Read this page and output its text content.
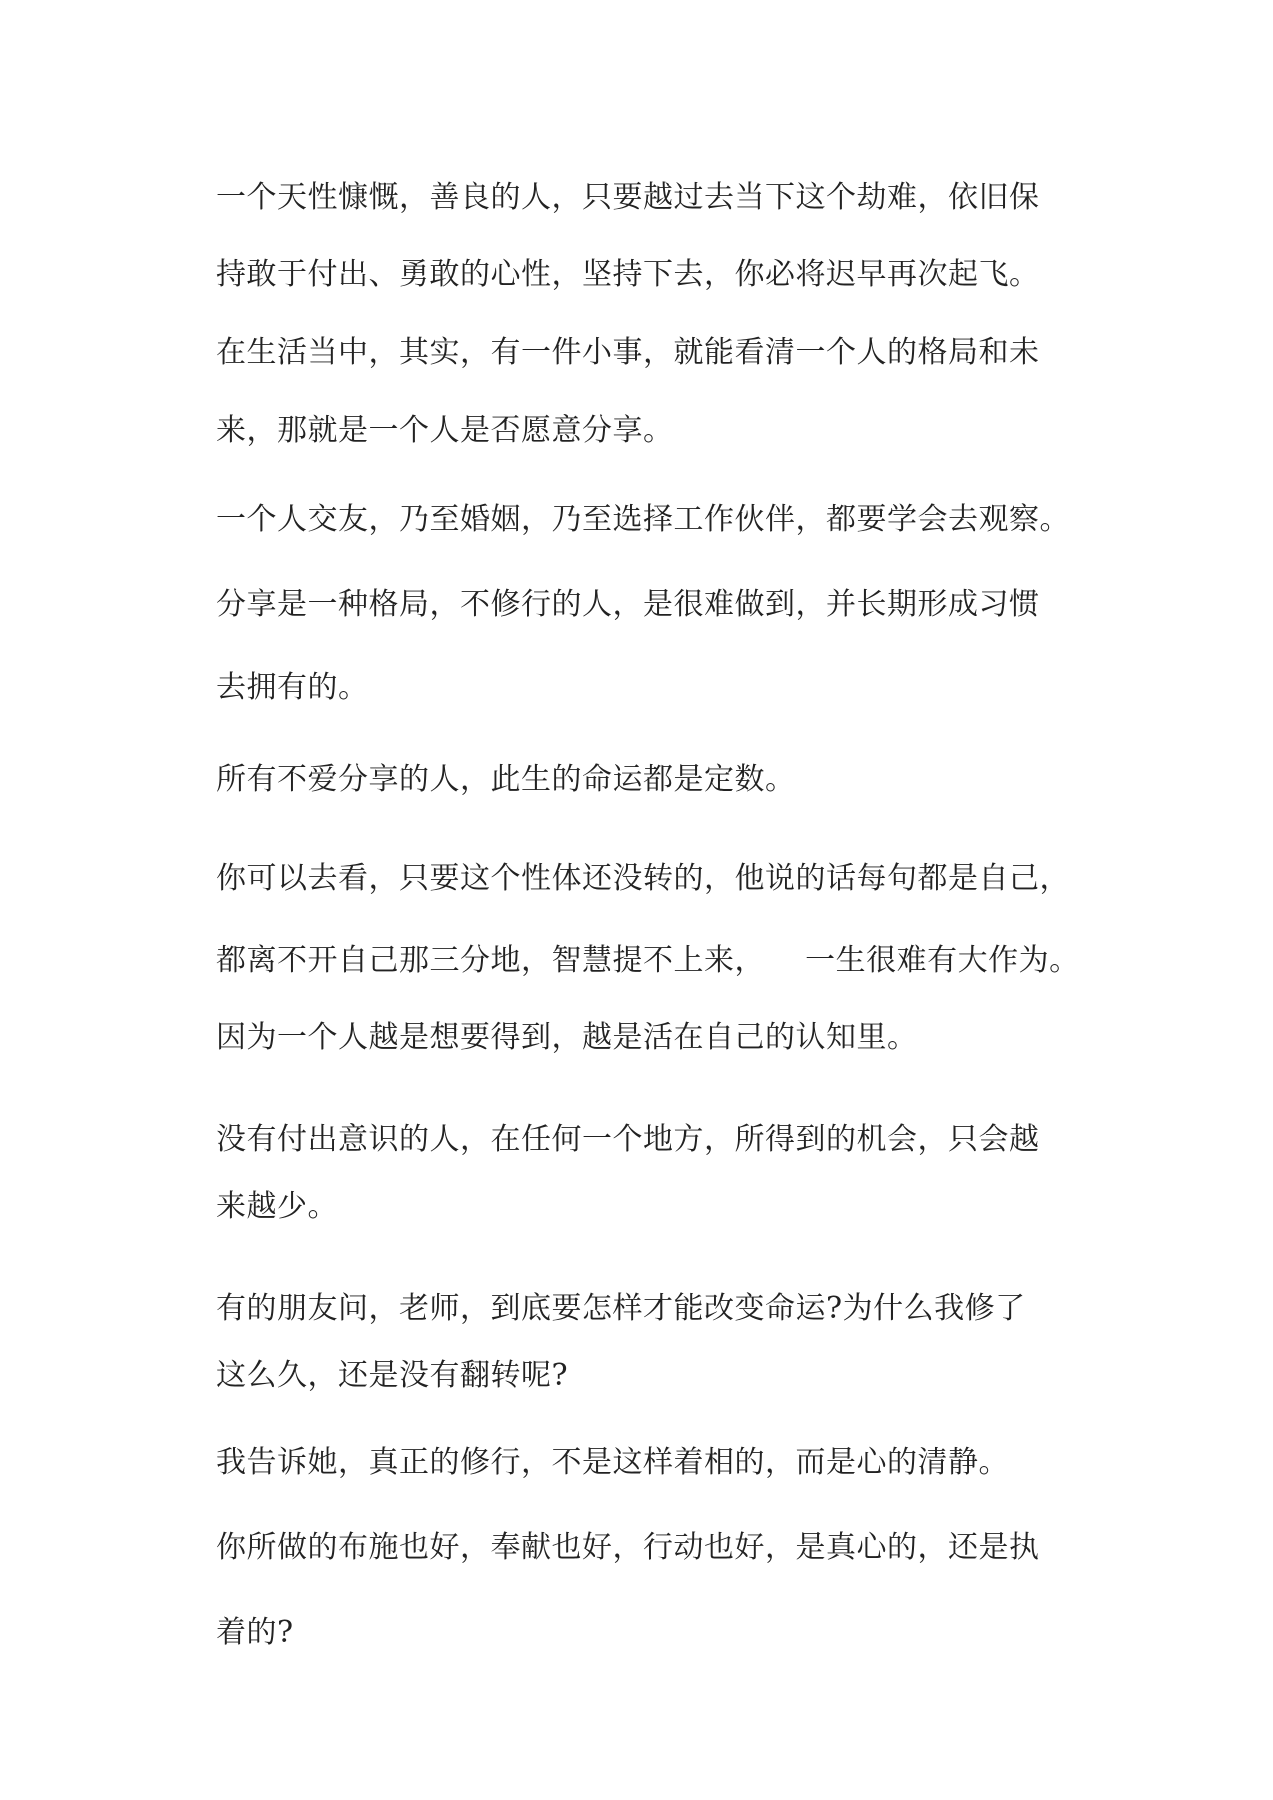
一个天性慷慨，善良的人，只要越过去当下这个劫难，依旧保

持敢于付出、勇敢的心性，坚持下去，你必将迟早再次起飞。

在生活当中，其实，有一件小事，就能看清一个人的格局和未

来，那就是一个人是否愿意分享。

一个人交友，乃至婚姻，乃至选择工作伙伴，都要学会去观察。

分享是一种格局，不修行的人，是很难做到，并长期形成习惯

去拥有的。

所有不爱分享的人，此生的命运都是定数。

你可以去看，只要这个性体还没转的，他说的话每句都是自己，

都离不开自己那三分地，智慧提不上来，    一生很难有大作为。

因为一个人越是想要得到，越是活在自己的认知里。

没有付出意识的人，在任何一个地方，所得到的机会，只会越

来越少。

有的朋友问，老师，到底要怎样才能改变命运?为什么我修了

这么久，还是没有翻转呢?

我告诉她，真正的修行，不是这样着相的，而是心的清静。

你所做的布施也好，奉献也好，行动也好，是真心的，还是执

着的?
